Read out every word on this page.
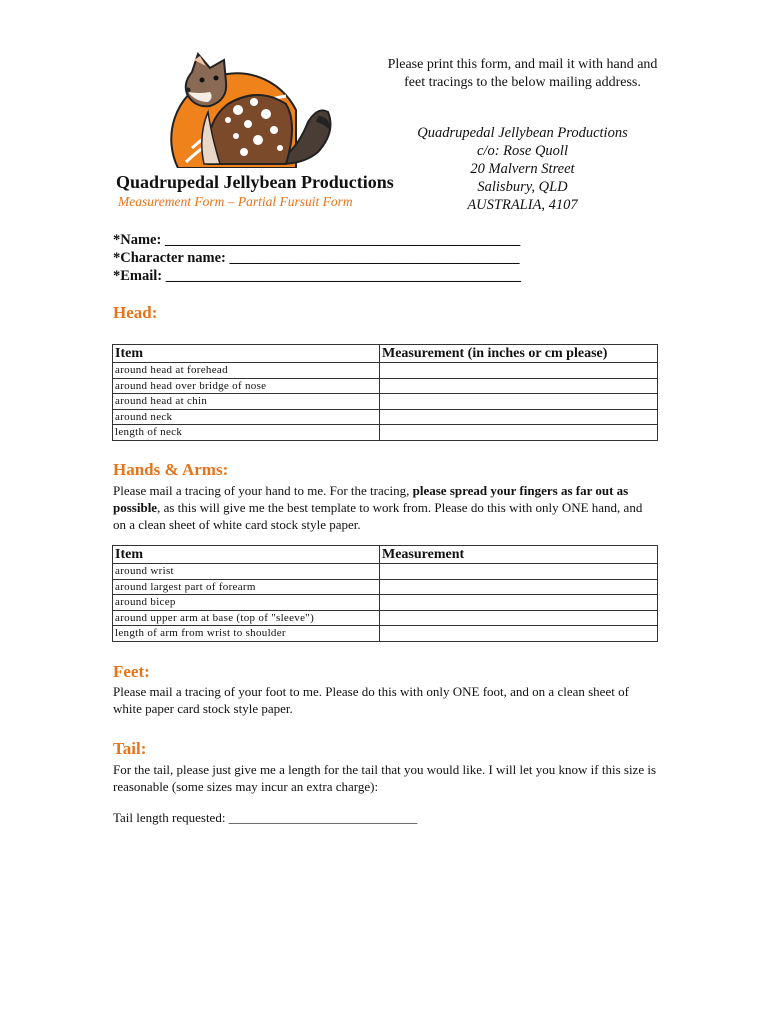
Quadrupedal Jellybean Productions
Measurement Form – Partial Fursuit Form
Please print this form, and mail it with hand and feet tracings to the below mailing address.
Quadrupedal Jellybean Productions
c/o: Rose Quoll
20 Malvern Street
Salisbury, QLD
AUSTRALIA, 4107
*Name: _________________________________________________
*Character name: ________________________________________
*Email: _________________________________________________
Head:
Item	Measurement (in inches or cm please)
around head at forehead	
around head over bridge of nose	
around head at chin	
around neck	
length of neck	
Hands & Arms:
Please mail a tracing of your hand to me. For the tracing, please spread your fingers as far out as possible, as this will give me the best template to work from. Please do this with only ONE hand, and on a clean sheet of white card stock style paper.
Item	Measurement
around wrist	
around largest part of forearm	
around bicep	
around upper arm at base (top of "sleeve")	
length of arm from wrist to shoulder	
Feet:
Please mail a tracing of your foot to me. Please do this with only ONE foot, and on a clean sheet of white paper card stock style paper.
Tail:
For the tail, please just give me a length for the tail that you would like. I will let you know if this size is reasonable (some sizes may incur an extra charge):
Tail length requested: _____________________________
